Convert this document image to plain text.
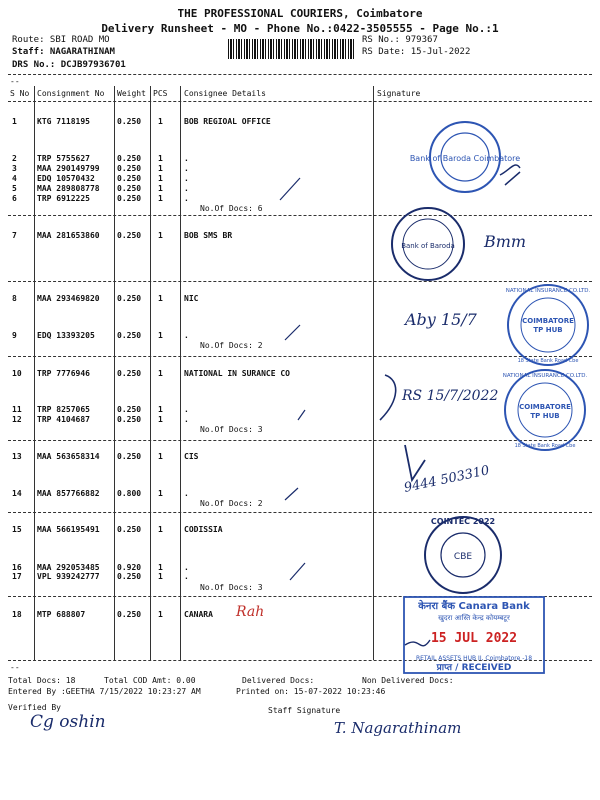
THE PROFESSIONAL COURIERS, Coimbatore
Delivery Runsheet - MO - Phone No.:0422-3505555 - Page No.:1
Route: SBI ROAD MO
Staff: NAGARATHINAM
DRS No.: DCJB97936701
RS No.: 979367
RS Date: 15-Jul-2022
--
S No Consignment No Weight PCS Consignee Details	Signature
1	KTG 7118195	0.250 1	BOB REGIOAL OFFICE
2	TRP 5755627	0.250 1	.
3	MAA 290149799 0.250 1	.
4	EDQ 10570432	0.250 1	.
5	MAA 289808778 0.250 1	.
6	TRP 6912225	0.250 1	.
No.Of Docs: 6
7	MAA 281653860 0.250 1	BOB SMS BR
8	MAA 293469820 0.250 1	NIC
9	EDQ 13393205	0.250 1	.
No.Of Docs: 2
10 TRP 7776946	0.250 1	NATIONAL IN SURANCE CO
11 TRP 8257065	0.250 1	.
12 TRP 4104687	0.250 1	.
No.Of Docs: 3
13 MAA 563658314 0.250 1	CIS
14 MAA 857766882 0.800 1	.
No.Of Docs: 2
15 MAA 566195491 0.250 1	CODISSIA
16 MAA 292053485 0.920 1	.
17 VPL 939242777 0.250 1	.
No.Of Docs: 3
18 MTP 688807	0.250 1	CANARA Rah
--
Total Docs: 18	Total COD Amt: 0.00	Delivered Docs:	Non Delivered Docs:
Entered By :GEETHA 7/15/2022 10:23:27 AM	Printed on: 15-07-2022 10:23:46
Verified By	Staff Signature
Cg oshin	T. Nagarathinam
Bank of Baroda Coimbatore
Bank of Baroda Bmm
NATIONAL INSURANCE CO.LTD.
COIMBATORE
TP HUB
18 State Bank Road Cbe
Aby 15/7
NATIONAL INSURANCE CO.LTD.
COIMBATORE
TP HUB
18 State Bank Road Cbe
RS 15/7/2022
9444 503310
COINTEC 2022
CBE
केनरा बैंक Canara Bank
खुदरा आस्ति केन्द्र कोयम्बटूर
15 JUL 2022
RETAIL ASSETS HUB II, Coimbatore -18
प्राप्त / RECEIVED
